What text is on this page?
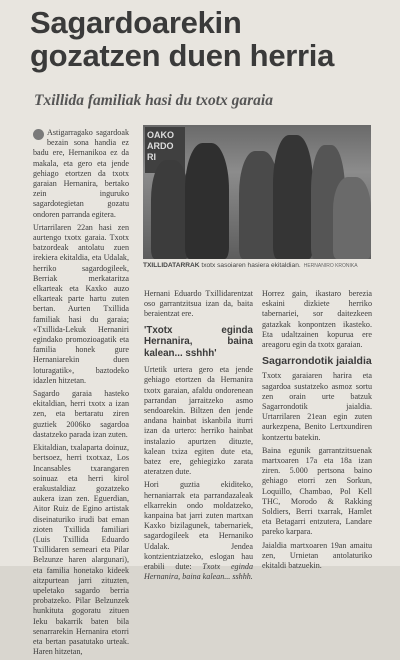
Sagardoarekin gozatzen duen herria
Txillida familiak hasi du txotx garaia

Astigarragako sagardoak bezain sona handia ez badu ere, Hernanikoa ez da makala, eta gero eta jende gehiago etortzen da txotx garaian Hernanira, bertako zein inguruko sagardotegietan gozatu ondoren parranda egitera.

Urtarrilaren 22an hasi zen aurtengo txotx garaia. Txotx batzordeak antolatu zuen irekiera ekitaldia, eta Udalak, herriko sagardogileek, Berriak merkataritza elkarteak eta Kaxko auzo elkarteak parte hartu zuten bertan. Aurten Txillida familiak hasi du garaia; «Txillida-Lekuk Hernaniri egindako promozioagatik eta familia honek gure Hernaniarekin duen loturagatik», baztodeko idazlen hitzetan.

Sagardo garaia hasteko ekitaldian, herri txotx a izan zen, eta bertaratu ziren guztiek 2006ko sagardoa dastatzeko parada izan zuten.

Ekitaldian, txalaparta doinuz, bertsoez, herri txotxaz, Los Incansables txarangaren soinuaz eta herri kirol erakustaldiaz gozatzeko aukera izan zen. Eguerdian, Aitor Ruiz de Egino artistak diseinaturiko irudi bat eman zioten Txillida familiari (Luis Txillida Eduardo Txillidaren semeari eta Pilar Belzunze haren alargunari), eta familia honetako kideek aitzpurtean jarri zituzten, upeletako sagardo berria probatzeko. Pilar Belzunzek hunkituta gogoratu zituen Ieku bakarrik baten bila senarrarekin Hernanira etorri eta bertan pasatutako urteak. Haren hitzetan,

OAKO ARDO RI
TXILLIDATARRAK txotx sasoiaren hasiera ekitaldian. HERNANIRO KRONIKA

Hernani Eduardo Txillidarentzat oso garrantzitsua izan da, baita beraientzat ere.

'Txotx eginda Hernanira, baina kalean... sshhh'

Urtetik urtera gero eta jende gehiago etortzen da Hernanira txotx garaian, afaldu ondorenean parrandan jarraitzeko asmo sendoarekin. Biltzen den jende andana hainbat iskanbila iturri izan da urtero: herriko hainbat instalazio apurtzen dituzte, kalean txiza egiten dute eta, batez ere, gehiegizko zarata ateratzen dute.

Hori guztia ekiditeko, hernaniarrak eta parrandazaleak elkarrekin ondo moldatzeko, kanpaina bat jarri zuten martxan Kaxko bizilagunek, tabernariek, sagardogileek eta Hernaniko Udalak. Jendea kontzientziatzeko, eslogan hau erabili dute: Txotx eginda Hernanira, baina kalean... sshhh.

Horrez gain, ikastaro berezia eskaini dizkiete herriko tabernariei, sor daitezkeen gatazkak konpontzen ikasteko. Eta udaltzainen kopurua ere areagoru egin da txotx garaian.

Sagarrondotik jaialdia

Txotx garaiaren harira eta sagardoa sustatzeko asmoz sortu zen orain urte batzuk Sagarrondotik jaialdia. Urtarrilaren 21ean egin zuten aurkezpena, Benito Lertxundiren kontzertu batekin.

Baina egunik garrantzitsuenak martxoaren 17a eta 18a izan ziren. 5.000 pertsona baino gehiago etorri zen Sorkun, Loquillo, Chambao, Pol Kell THC, Morodo & Rakking Soldiers, Berri txarrak, Hamlet eta Betagarri entzutera, Landare pareko karpara.

Jaialdia martxoaren 19an amaitu zen, Urnietan antolaturiko ekitaldi batzuekin.
